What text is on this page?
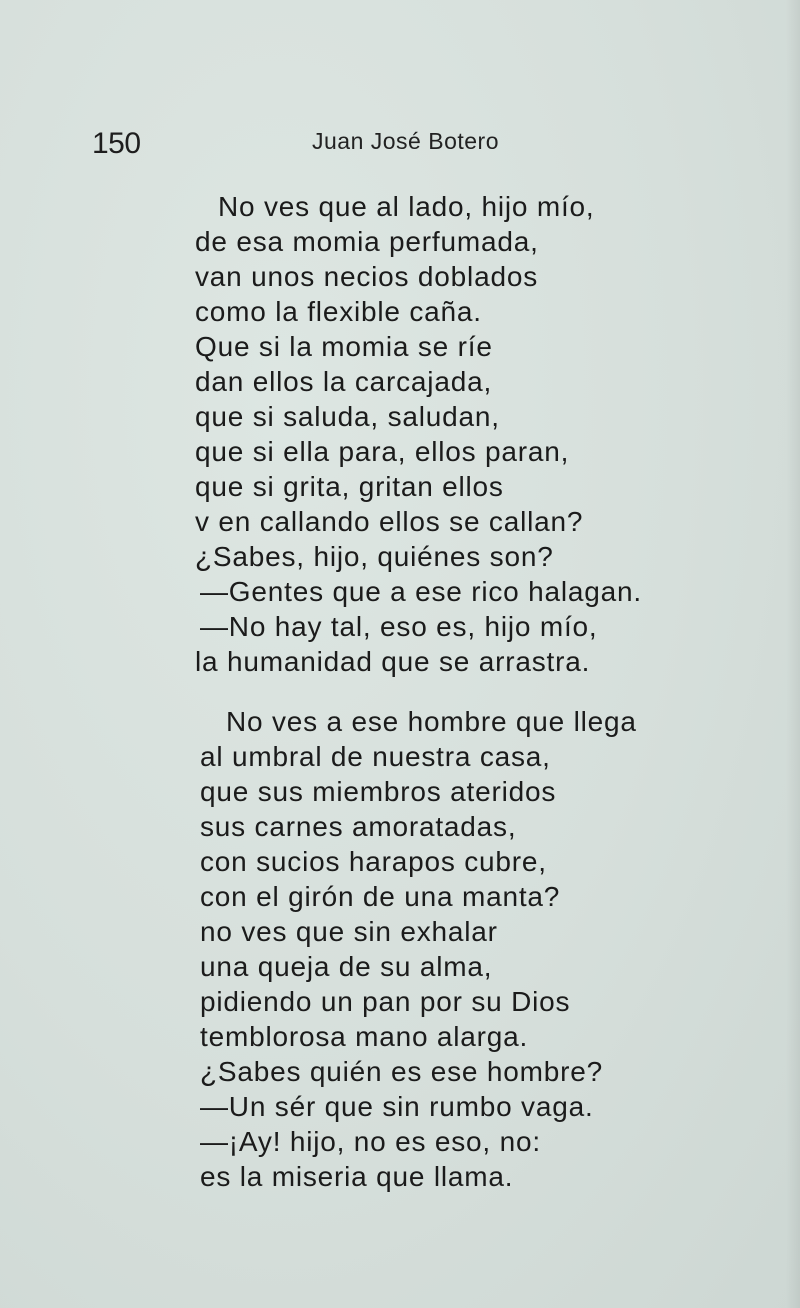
150	Juan José Botero
No ves que al lado, hijo mío,
de esa momia perfumada,
van unos necios doblados
como la flexible caña.
Que si la momia se ríe
dan ellos la carcajada,
que si saluda, saludan,
que si ella para, ellos paran,
que si grita, gritan ellos
v en callando ellos se callan?
¿Sabes, hijo, quiénes son?
—Gentes que a ese rico halagan.
—No hay tal, eso es, hijo mío,
la humanidad que se arrastra.
No ves a ese hombre que llega
al umbral de nuestra casa,
que sus miembros ateridos
sus carnes amoratadas,
con sucios harapos cubre,
con el girón de una manta?
no ves que sin exhalar
una queja de su alma,
pidiendo un pan por su Dios
temblorosa mano alarga.
¿Sabes quién es ese hombre?
—Un sér que sin rumbo vaga.
—¡Ay! hijo, no es eso, no:
es la miseria que llama.
